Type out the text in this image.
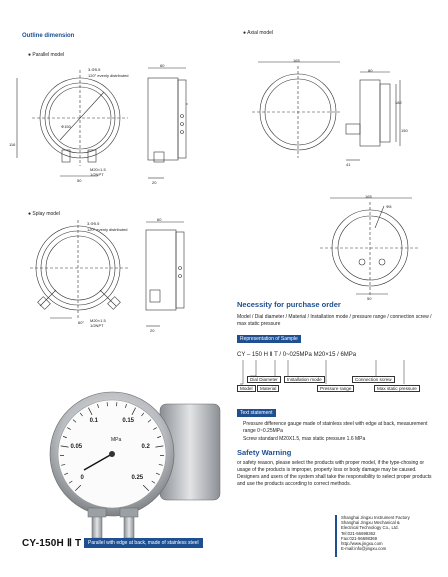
Outline dimension
● Parallel model
● Axial model
● Splay model
3-Φ5.5
120° evenly distributed
Φ150
M20×1.5
1/2NPT
50
60
20
116
165
80
182
150
41
165
Φ8
50
3-Φ5.5
120° evenly distributed
60° M20×1.5
1/2NPT
60
20
MPa
0
0.05
0.1	0.15
0.2
0.25
Necessity for purchase order
Model / Dial diameter / Material / Installation mode / pressure range / connection screw / max static pressure
Representation of Sample
CY – 150 H Ⅱ T / 0~025MPa M20×15 / 6MPa
Model
Dial Diameter
Material
Installation mode
Pressure range
Connection screw
Max static pressure
Text statement
Pressure difference gauge made of stainless steel with edge at back, measurement range 0~0.25MPa
Screw standard M20X1.5, max static pressure 1.6 MPa
Safety Warning
or safety reason, please select the products with proper model, if the type-chosing or usage of the products is improper, property loss or body damage may be caused. Designers and users of the system shall take the responsibility to select proper products and use the products according to correct methods.
Shanghai Jingxu Instrument Factory
Shanghai Jingxu Mechanical &
Electrical Technology Co., Ltd.
Tel:021-56698362
Fax:021-56698369
http://www.jingxu.com
E-mail:info@jingxu.com
CY-150H Ⅱ T	Parallel with edge at back, made of stainless steel
